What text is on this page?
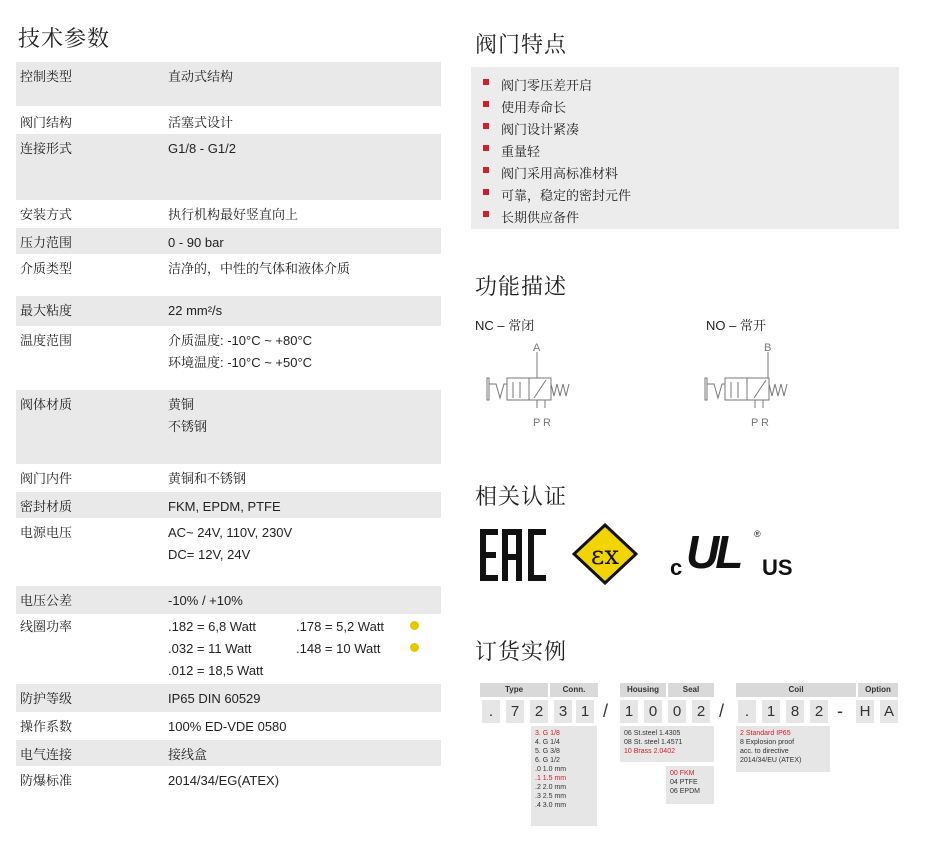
技术参数
控制类型	直动式结构
阀门结构	活塞式设计
连接形式	G1/8 - G1/2
安装方式	执行机构最好竖直向上
压力范围	0 - 90 bar
介质类型	洁净的，中性的气体和液体介质
最大粘度	22 mm²/s
温度范围	介质温度: -10°C ~ +80°C
环境温度: -10°C ~ +50°C
阀体材质	黄铜
不锈钢
阀门内件	黄铜和不锈钢
密封材质	FKM, EPDM, PTFE
电源电压	AC~ 24V, 110V, 230V
DC= 12V, 24V
电压公差	-10% / +10%
线圈功率	.182 = 6,8 Watt	.178 = 5,2 Watt
.032 = 11 Watt	.148 = 10 Watt
.012 = 18,5 Watt
防护等级	IP65 DIN 60529
操作系数	100% ED-VDE 0580
电气连接	接线盒
防爆标准	2014/34/EG(ATEX)
阀门特点
阀门零压差开启
使用寿命长
阀门设计紧凑
重量轻
阀门采用高标准材料
可靠，稳定的密封元件
长期供应备件
功能描述
NC – 常闭	NO – 常开
A
P R
B
P R
相关认证
εx c UL ®
US
订货实例
Type	Conn.	Housing	Seal	Coil	Option
.	7	2	3 1 /	1	0	0	2 /	.	1	8	2 - H A
3. G 1/8
4. G 1/4
5. G 3/8
6. G 1/2
.0 1.0 mm
.1 1.5 mm
.2 2.0 mm
.3 2.5 mm
.4 3.0 mm
06 St.steel 1.4305
08 St. steel 1.4571
10 Brass 2.0402
00 FKM
04 PTFE
06 EPDM
2 Standard IP65
8 Explosion proof
acc. to directive
2014/34/EU (ATEX)
